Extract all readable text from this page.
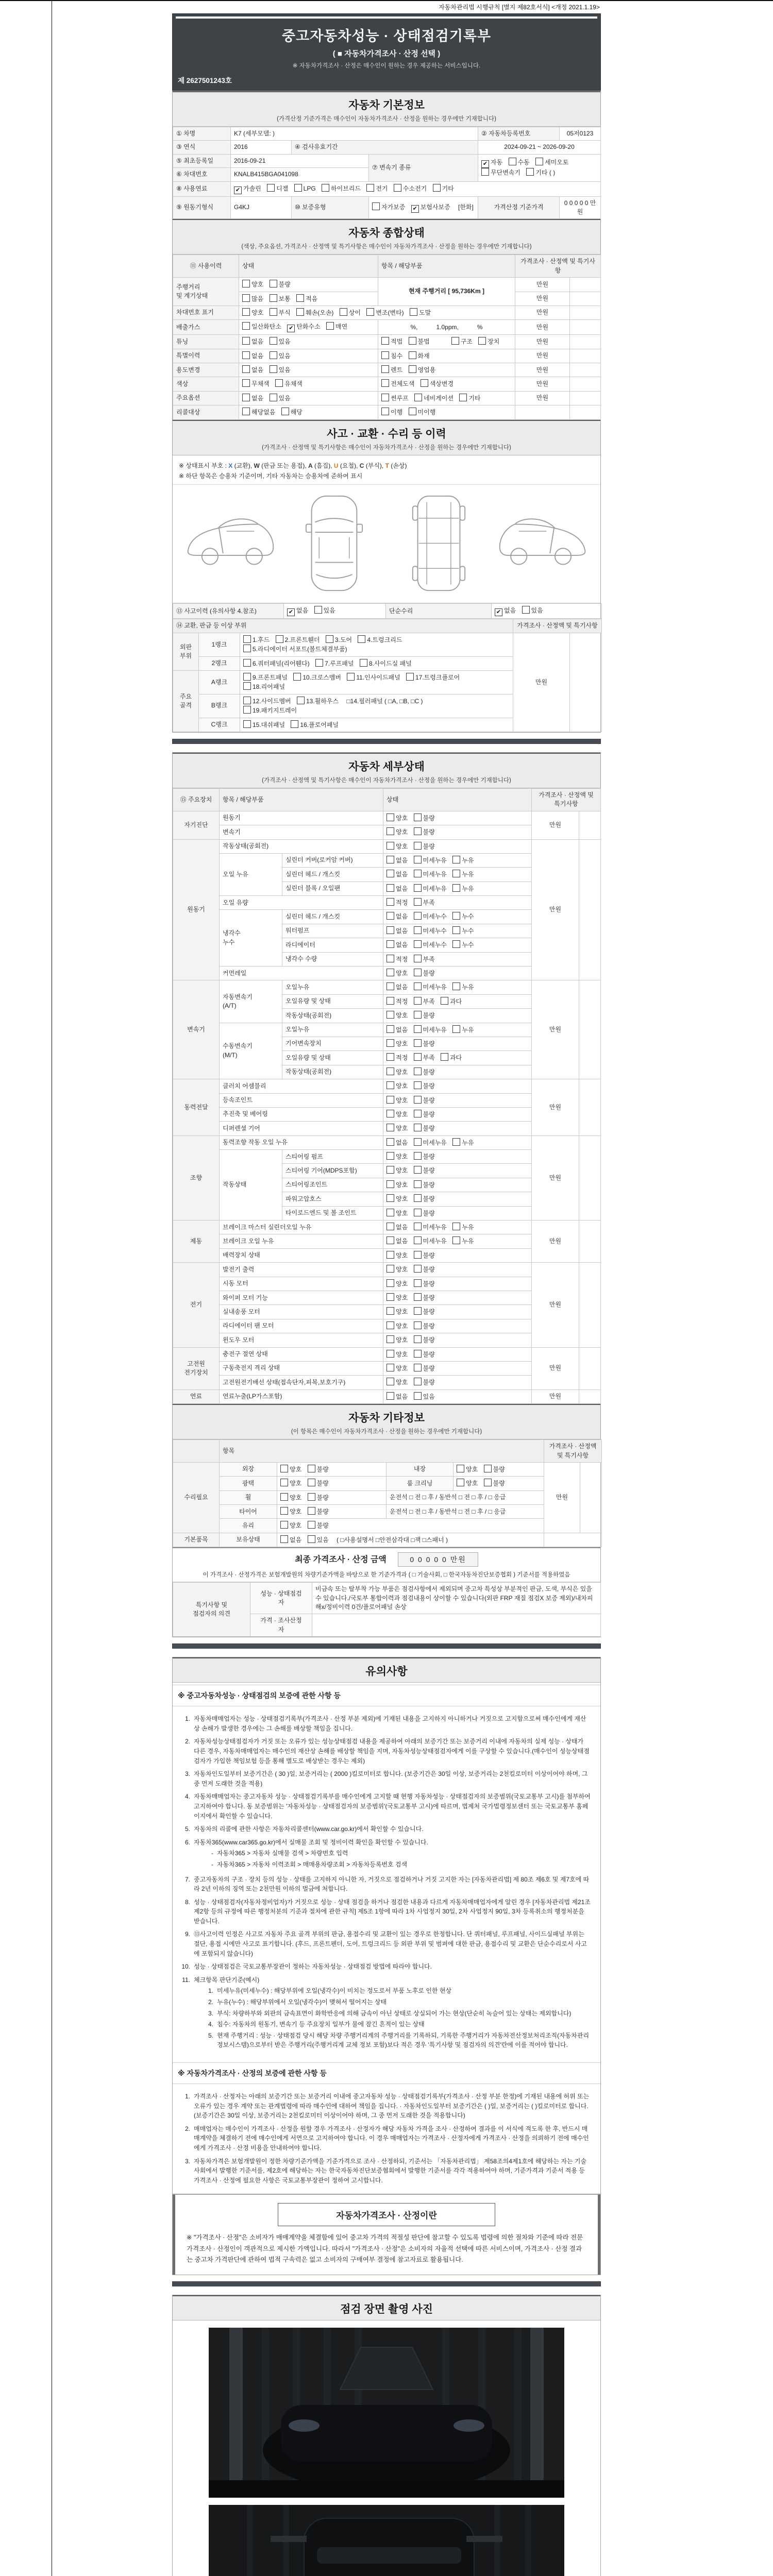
자동차관리법 시행규칙 [별지 제82호서식] <개정 2021.1.19>
중고자동차성능 · 상태점검기록부
( ■ 자동차가격조사 · 산정 선택 )
※ 자동차가격조사 · 산정은 매수인이 원하는 경우 제공하는 서비스입니다.
제 2627501243호
자동차 기본정보
(가격산정 기준가격은 매수인이 자동차가격조사 · 산정을 원하는 경우에만 기재합니다)
① 차명	K7 (세부모델: )			② 자동차등록번호	05저0123
③ 연식	2016	④ 검사유효기간		2024-09-21 ~ 2026-09-20	
⑤ 최초등록일	2016-09-21		⑦ 변속기 종류	✔ 자동 수동 세미오토
무단변속기 기타 ( )	
⑥ 차대번호	KNALB415BGA041098				
⑧ 사용연료	✔ 가솔린 디젤 LPG 하이브리드 전기 수소전기 기타				
⑨ 원동기형식	G4KJ	⑩ 보증유형	자가보증 ✔ 보험사보증 [한화]	가격산정 기준가격	0 0 0 0 0 만원
자동차 종합상태
(색상, 주요옵션, 가격조사 · 산정액 및 특기사항은 매수인이 자동차가격조사 · 산정을 원하는 경우에만 기재합니다)
⑪ 사용이력	상태	항목 / 해당부품	가격조사 · 산정액 및 특기사항	
주행거리
및 계기상태	양호 불량	현재 주행거리 [ 95,736Km ]	만원	
	많음 보통 적음		만원	
차대번호 표기	양호 부식 훼손(오손) 상이 변조(변타) 도말		만원	
배출가스	일산화탄소 ✔ 탄화수소 매연	%,　　　1.0ppm,　　　%	만원	
튜닝	없음 있음	적법 불법 구조 장치	만원	
특별이력	없음 있음	침수 화재	만원	
용도변경	없음 있음	렌트 영업용	만원	
색상	무채색 유채색	전체도색 색상변경	만원	
주요옵션	없음 있음	썬루프 네비게이션 기타	만원	
리콜대상	해당없음 해당	이행 미이행		
사고 · 교환 · 수리 등 이력
(가격조사 · 산정액 및 특기사항은 매수인이 자동차가격조사 · 산정을 원하는 경우에만 기재합니다)
※ 상태표시 부호 : X (교환), W (판금 또는 용접), A (흠집), U (요철), C (부식), T (손상)
※ 하단 항목은 승용차 기준이며, 기타 자동차는 승용차에 준하여 표시
⑬ 사고이력 (유의사항 4.참조)	✔ 없음 있음	단순수리	✔ 없음 있음
⑭ 교환, 판금 등 이상 부위			가격조사 · 산정액 및 특기사항	
외판
부위	1랭크	1.후드 2.프론트휀더 3.도어 4.트렁크리드
5.라디에이터 서포트(볼트체결부품)	만원	
	2랭크	6.쿼터패널(리어휀다) 7.루프패널 8.사이드실 패널		
주요
골격	A랭크	9.프론트패널 10.크로스멤버 11.인사이드패널 17.트렁크플로어
18.리어패널		
	B랭크	12.사이드멤버 13.휠하우스 □14.필러패널 ( □A, □B, □C )
19.패키지트레이		
	C랭크	15.대쉬패널 16.플로어패널		
자동차 세부상태
(가격조사 · 산정액 및 특기사항은 매수인이 자동차가격조사 · 산정을 원하는 경우에만 기재합니다)
⑮ 주요장치	항목 / 해당부품		상태	가격조사 · 산정액 및 특기사항	
자기진단	원동기		양호 불량	만원	
	변속기		양호 불량		
원동기	작동상태(공회전)		양호 불량	만원	
	오일 누유	실린더 커버(로커암 커버)	없음 미세누유 누유		
		실린더 헤드 / 개스킷	없음 미세누유 누유		
		실린더 블록 / 오일팬	없음 미세누유 누유		
	오일 유량		적정 부족		
	냉각수
누수	실린더 헤드 / 개스킷	없음 미세누수 누수		
		워터펌프	없음 미세누수 누수		
		라디에이터	없음 미세누수 누수		
		냉각수 수량	적정 부족		
	커먼레일		양호 불량		
변속기	자동변속기
(A/T)	오일누유	없음 미세누유 누유	만원	
		오일유량 및 상태	적정 부족 과다		
		작동상태(공회전)	양호 불량		
	수동변속기
(M/T)	오일누유	없음 미세누유 누유		
		기어변속장치	양호 불량		
		오일유량 및 상태	적정 부족 과다		
		작동상태(공회전)	양호 불량		
동력전달	클러치 어셈블리		양호 불량	만원	
	등속조인트		양호 불량		
	추진축 및 베어링		양호 불량		
	디퍼렌셜 기어		양호 불량		
조향	동력조향 작동 오일 누유		없음 미세누유 누유	만원	
	작동상태	스티어링 펌프	양호 불량		
		스티어링 기어(MDPS포함)	양호 불량		
		스티어링조인트	양호 불량		
		파워고압호스	양호 불량		
		타이로드엔드 및 볼 조인트	양호 불량		
제동	브레이크 마스터 실린더오일 누유		없음 미세누유 누유	만원	
	브레이크 오일 누유		없음 미세누유 누유		
	배력장치 상태		양호 불량		
전기	발전기 출력		양호 불량	만원	
	시동 모터		양호 불량		
	와이퍼 모터 기능		양호 불량		
	실내송풍 모터		양호 불량		
	라디에이터 팬 모터		양호 불량		
	윈도우 모터		양호 불량		
고전원
전기장치	충전구 절연 상태		양호 불량	만원	
	구동축전지 격리 상태		양호 불량		
	고전원전기배선 상태(접속단자,피복,보호기구)		양호 불량		
연료	연료누출(LP가스포함)		없음 있음	만원	
자동차 기타정보
(이 항목은 매수인이 자동차가격조사 · 산정을 원하는 경우에만 기재합니다)
	항목				가격조사 · 산정액 및 특기사항	
수리필요	외장	양호 불량	내장	양호 불량	만원	
	광택	양호 불량	룸 크리닝	양호 불량		
	휠	양호 불량	운전석 □ 전 □ 후 / 동반석 □ 전 □ 후 / □ 응급			
	타이어	양호 불량	운전석 □ 전 □ 후 / 동반석 □ 전 □ 후 / □ 응급			
	유리	양호 불량				
기본품목	보유상태	없음 있음 ( □사용설명서 □안전삼각대 □잭 □스패너 )				
최종 가격조사 · 산정 금액	0 0 0 0 0 만원
이 가격조사 · 산정가격은 보험개발원의 차량기준가액을 바탕으로 한 기준가격과 ( □ 기술사회, □ 한국자동차진단보증협회 ) 기준서를 적용하였음
특기사항 및
점검자의 의견	성능 · 상태점검
자	비금속 또는 탈부착 가능 부품은 점검사항에서 제외되며 중고차 특성상 부분적인 판금, 도색, 부식은 있을 수 있습니다./국토부 통합이력과 점검내용이 상이할 수 있습니다(외판 FRP 재질 점검X 보증 제외)/내차피해x/정비이력 0건/플로어패널 손상
	가격 · 조사산정
자	　

유의사항
※ 중고자동차성능 · 상태점검의 보증에 관한 사항 등
1. 자동차매매업자는 성능 · 상태점검기록부(가격조사 · 산정 부분 제외)에 기재된 내용을 고지하지 아니하거나 거짓으로 고지함으로써 매수인에게 재산상 손해가 발생한 경우에는 그 손해를 배상할 책임을 집니다.
2. 자동차성능상태점검자가 거짓 또는 오류가 있는 성능상태점검 내용을 제공하여 아래의 보증기간 또는 보증거리 이내에 자동차의 실제 성능 · 상태가 다른 경우, 자동차매매업자는 매수인의 재산상 손해를 배상할 책임을 지며, 자동차성능상태점검자에게 이를 구상할 수 있습니다.(매수인이 성능상태점검자가 가입한 책임보험 등을 통해 별도로 배상받는 경우는 제외)
3. 자동차인도일부터 보증기간은 ( 30 )일, 보증거리는 ( 2000 )킬로미터로 합니다. (보증기간은 30일 이상, 보증거리는 2천킬로미터 이상이어야 하며, 그 중 먼저 도래한 것을 적용)
4. 자동차매매업자는 중고자동차 성능 · 상태점검기록부를 매수인에게 고지할 때 현행 자동차성능 · 상태점검자의 보증범위(국토교통부 고시)를 첨부하여 고지하여야 합니다. 동 보증범위는 '자동차성능 · 상태점검자의 보증범위'(국토교통부 고시)에 따르며, 법제처 국가법령정보센터 또는 국토교통부 홈페이지에서 확인할 수 있습니다.
5. 자동차의 리콜에 관한 사항은 자동차리콜센터(www.car.go.kr)에서 확인할 수 있습니다.
6. 자동차365(www.car365.go.kr)에서 실매물 조회 및 정비이력 확인을 확인할 수 있습니다.
- 자동차365 > 자동차 실매물 검색 > 차량번호 입력
- 자동차365 > 자동차 이력조회 > 매매용차량조회 > 자동차등록번호 검색
7. 중고자동차의 구조 · 장치 등의 성능 · 상태를 고지하지 아니한 자, 거짓으로 점검하거나 거짓 고지한 자는 [자동차관리법] 제 80조 제6호 및 제7호에 따라 2년 이하의 징역 또는 2천만원 이하의 벌금에 처합니다.
8. 성능 · 상태점검자(자동차정비업자)가 거짓으로 성능 · 상태 점검을 하거나 점검한 내용과 다르게 자동차매매업자에게 알린 경우 [자동차관리법 제21조 제2항 등의 규정에 따른 행정처분의 기준과 절차에 관한 규칙] 제5조 1항에 따라 1차 사업정지 30일, 2차 사업정지 90일, 3차 등록취소의 행정처분을 받습니다.
9. ⑬사고이력 인정은 사고로 자동차 주요 골격 부위의 판금, 용접수리 및 교환이 있는 경우로 한정합니다. 단 쿼터패널, 루프패널, 사이드실패널 부위는 절단, 용접 시에만 사고로 표기합니다. (후드, 프론트펜더, 도어, 트렁크리드 등 외판 부위 및 범퍼에 대한 판금, 용접수리 및 교환은 단순수리로서 사고에 포함되지 않습니다)
10. 성능 · 상태점검은 국토교통부장관이 정하는 자동차성능 · 상태점검 방법에 따라야 합니다.
11. 체크항목 판단기준(예시)
1. 미세누유(미세누수) : 해당부위에 오일(냉각수)이 비치는 정도로서 부품 노후로 인한 현상
2. 누유(누수) : 해당부위에서 오일(냉각수)이 맺혀서 떨어지는 상태
3. 부식: 차량하부와 외판의 금속표면이 화학반응에 의해 금속이 아닌 상태로 상실되어 가는 현상(단순히 녹슬어 있는 상태는 제외합니다)
4. 침수: 자동차의 원동기, 변속기 등 주요장치 일부가 물에 잠긴 흔적이 있는 상태
5. 현재 주행거리 : 성능 · 상태점검 당시 해당 차량 주행거리계의 주행거리를 기록하되, 기록한 주행거리가 자동차전산정보처리조직(자동차관리정보시스템)으로부터 받은 주행거리(주행거리계 교체 정보 포함)보다 적은 경우 '특기사항 및 점검자의 의견'란에 이를 적어야 합니다.
※ 자동차가격조사 · 산정의 보증에 관한 사항 등
1. 가격조사 · 산정자는 아래의 보증기간 또는 보증거리 이내에 중고자동차 성능 · 상태점검기록부(가격조사 · 산정 부분 한정)에 기재된 내용에 허위 또는 오류가 있는 경우 계약 또는 관계법령에 따라 매수인에 대하여 책임을 집니다. · 자동차인도일부터 보증기간은 ( )일, 보증거리는 ( )킬로미터로 합니다. (보증기간은 30일 이상, 보증거리는 2천킬로미터 이상이어야 하며, 그 중 먼저 도래한 것을 적용합니다)
2. 매매업자는 매수인이 가격조사 · 산정을 원할 경우 가격조사 · 산정자가 해당 자동차 가격을 조사 · 산정하여 결과를 이 서식에 적도록 한 후, 반드시 매매계약을 체결하기 전에 매수인에게 서면으로 고지하여야 합니다. 이 경우 매매업자는 가격조사 · 산정자에게 가격조사 · 산정을 의뢰하기 전에 매수인에게 가격조사 · 산정 비용을 안내하여야 합니다.
3. 자동차가격은 보험개발원이 정한 차량기준가액을 기준가격으로 조사 · 산정하되, 기준서는 「자동차관리법」 제58조의4제1호에 해당하는 자는 기술사회에서 발행한 기준서를, 제2호에 해당하는 자는 한국자동차진단보증협회에서 발행한 기준서를 각각 적용하여야 하며, 기준가격과 기준서 적용 등 가격조사 · 산정에 필요한 사항은 국토교통부장관이 정하여 고시합니다.
자동차가격조사 · 산정이란
※ "가격조사 · 산정"은 소비자가 매매계약을 체결함에 있어 중고차 가격의 적절성 판단에 참고할 수 있도록 법령에 의한 절차와 기준에 따라 전문 가격조사 · 산정인이 객관적으로 제시한 가액입니다. 따라서 "가격조사 · 산정"은 소비자의 자율적 선택에 따른 서비스이며, 가격조사 · 산정 결과는 중고차 가격판단에 관하여 법적 구속력은 없고 소비자의 구매여부 결정에 참고자료로 활용됩니다.
점검 장면 촬영 사진
